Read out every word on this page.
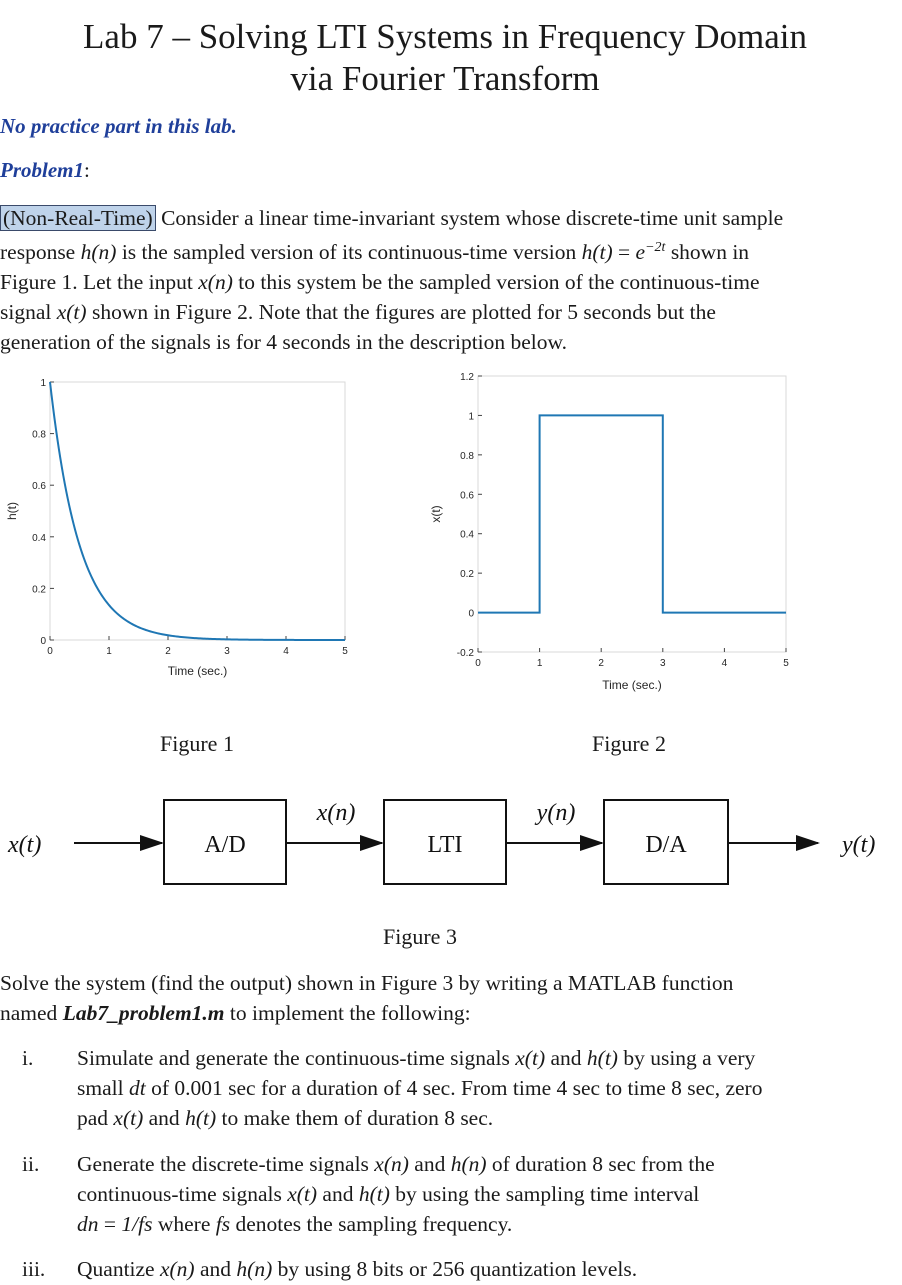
Lab 7 – Solving LTI Systems in Frequency Domain
via Fourier Transform
No practice part in this lab.
Problem1:
(Non-Real-Time) Consider a linear time-invariant system whose discrete-time unit sample
response h(n) is the sampled version of its continuous-time version $h(t) = e^{-2t}$ shown in
Figure 1. Let the input x(n) to this system be the sampled version of the continuous-time
signal x(t) shown in Figure 2. Note that the figures are plotted for 5 seconds but the
generation of the signals is for 4 seconds in the description below.
0	1	2	3	4	5
0
0.2
0.4
0.6
0.8
1
Time (sec.)
h(t)
0	1	2	3	4	5
-0.2
0
0.2
0.4
0.6
0.8
1
1.2
Time (sec.)
x(t)
Figure 1	Figure 2
x(t)	A/D
x(n)
LTI
y(n)
D/A	y(t)
Figure 3
Solve the system (find the output) shown in Figure 3 by writing a MATLAB function
named Lab7_problem1.m to implement the following:
i.	Simulate and generate the continuous-time signals x(t) and h(t) by using a very
small dt of 0.001 sec for a duration of 4 sec. From time 4 sec to time 8 sec, zero
pad x(t) and h(t) to make them of duration 8 sec.
ii. Generate the discrete-time signals x(n) and h(n) of duration 8 sec from the
continuous-time signals x(t) and h(t) by using the sampling time interval
dn = 1/fs where fs denotes the sampling frequency.
iii. Quantize x(n) and h(n) by using 8 bits or 256 quantization levels.
